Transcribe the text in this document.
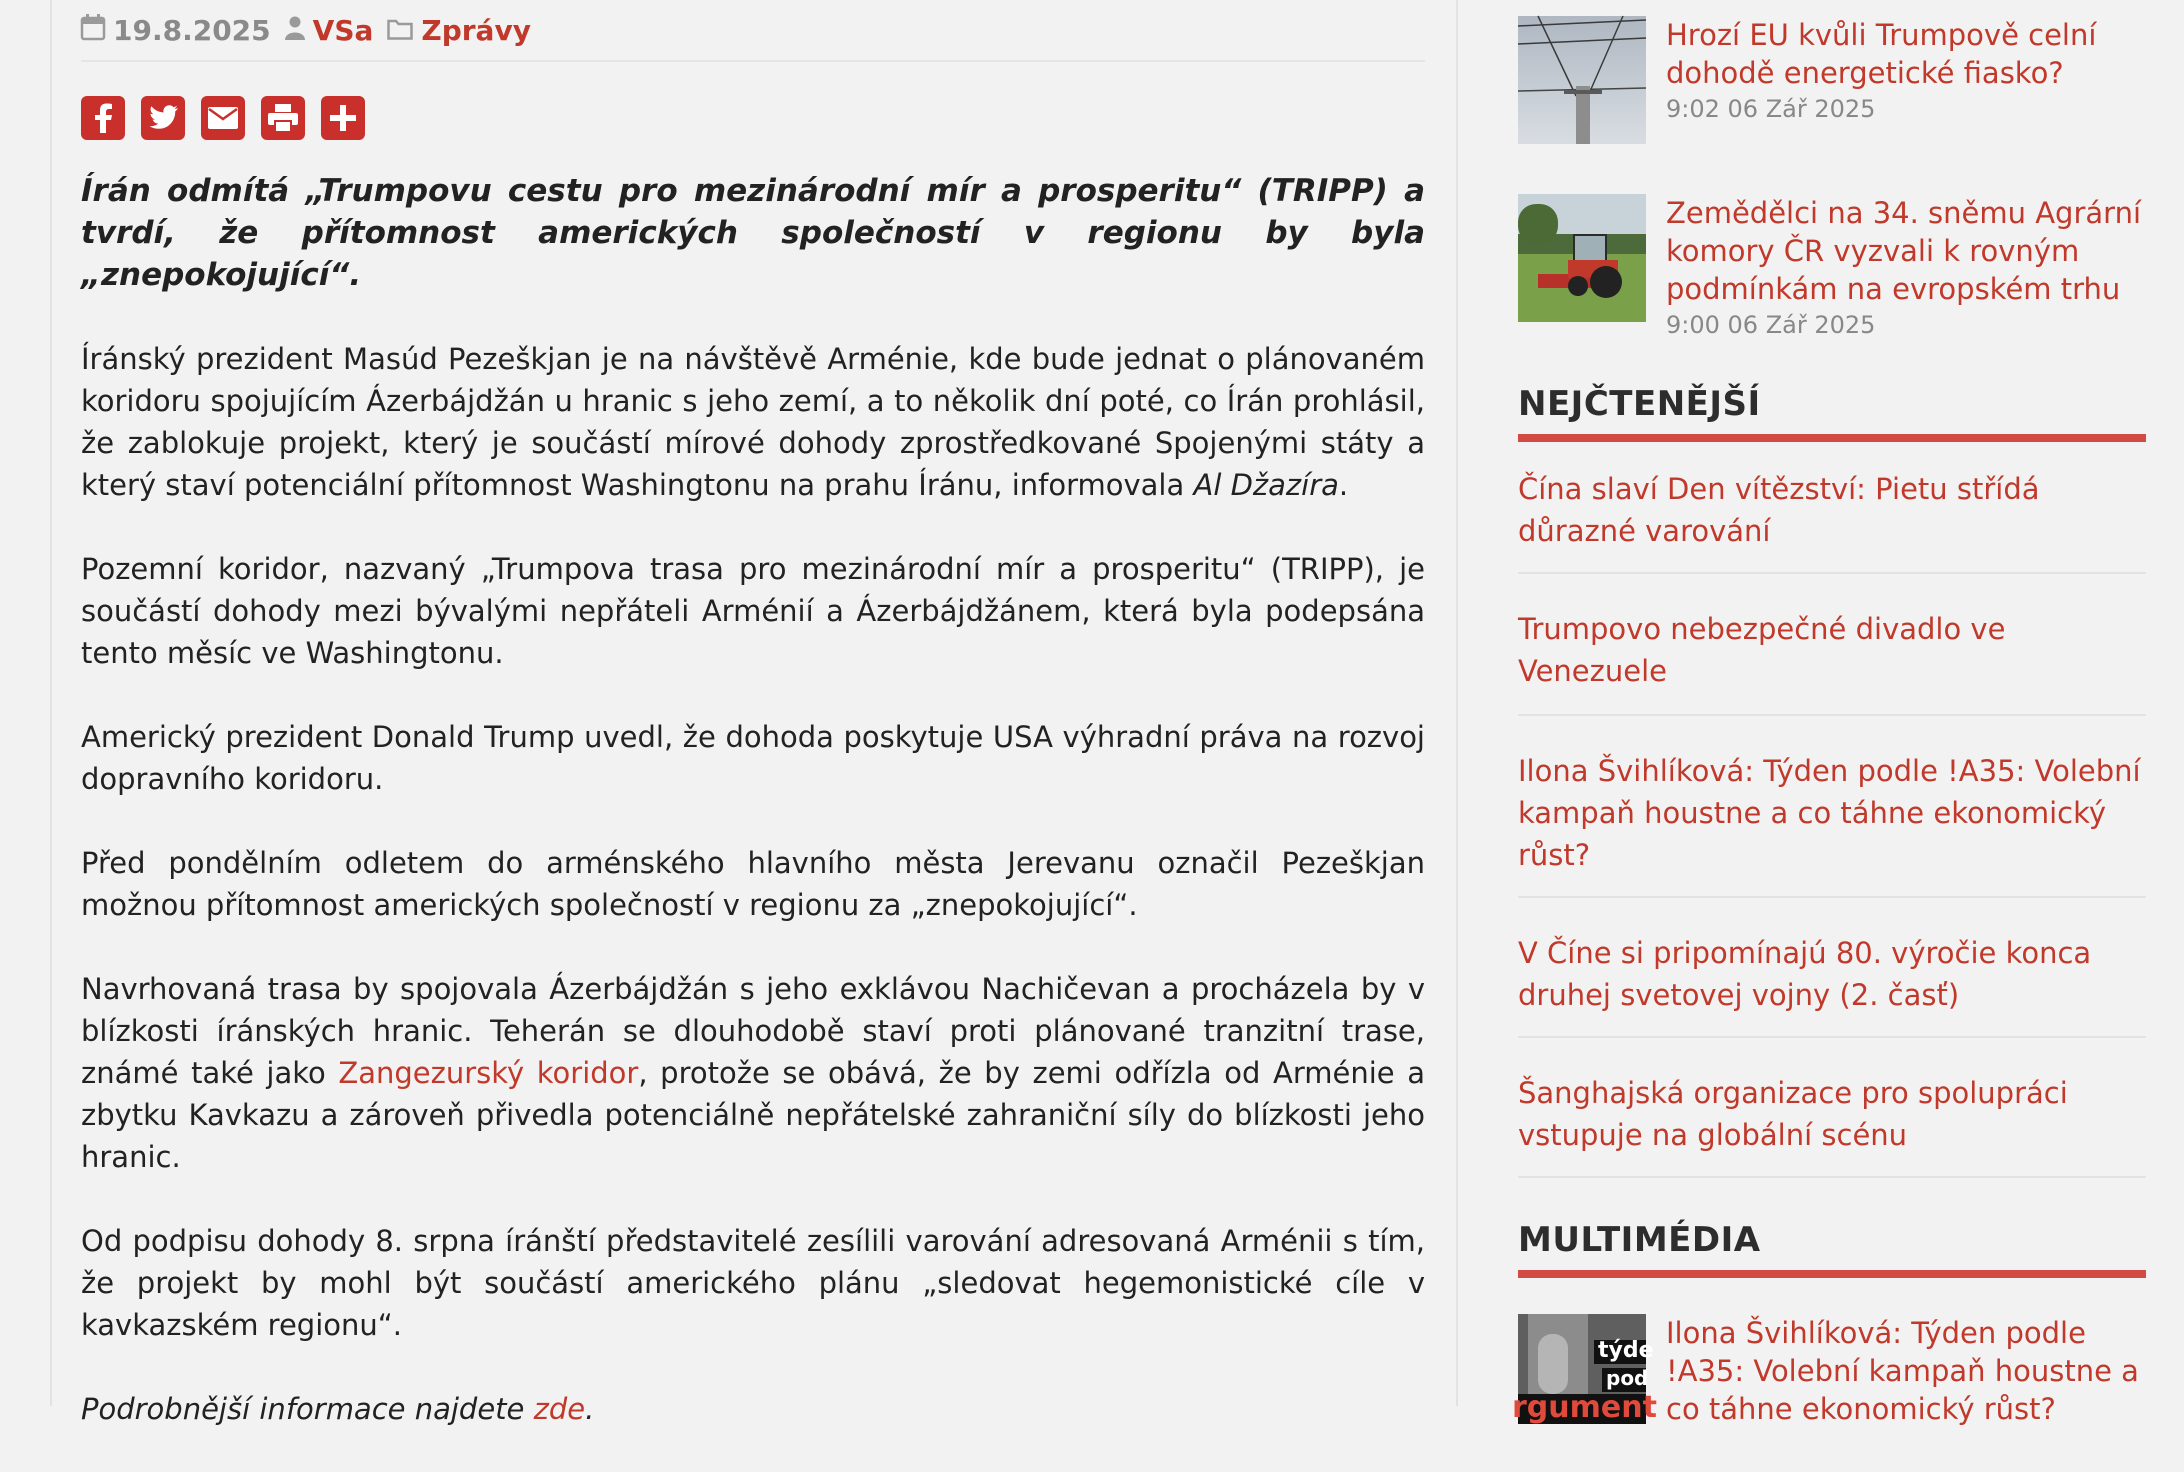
19.8.2025 VSa Zprávy

Írán odmítá „Trumpovu cestu pro mezinárodní mír a prosperitu“ (TRIPP) a tvrdí, že přítomnost amerických společností v regionu by byla „znepokojující“.

Íránský prezident Masúd Pezeškjan je na návštěvě Arménie, kde bude jednat o plánovaném koridoru spojujícím Ázerbájdžán u hranic s jeho zemí, a to několik dní poté, co Írán prohlásil, že zablokuje projekt, který je součástí mírové dohody zprostředkované Spojenými státy a který staví potenciální přítomnost Washingtonu na prahu Íránu, informovala Al Džazíra.

Pozemní koridor, nazvaný „Trumpova trasa pro mezinárodní mír a prosperitu“ (TRIPP), je součástí dohody mezi bývalými nepřáteli Arménií a Ázerbájdžánem, která byla podepsána tento měsíc ve Washingtonu.

Americký prezident Donald Trump uvedl, že dohoda poskytuje USA výhradní práva na rozvoj dopravního koridoru.

Před pondělním odletem do arménského hlavního města Jerevanu označil Pezeškjan možnou přítomnost amerických společností v regionu za „znepokojující“.

Navrhovaná trasa by spojovala Ázerbájdžán s jeho exklávou Nachičevan a procházela by v blízkosti íránských hranic. Teherán se dlouhodobě staví proti plánované tranzitní trase, známé také jako Zangezurský koridor, protože se obává, že by zemi odřízla od Arménie a zbytku Kavkazu a zároveň přivedla potenciálně nepřátelské zahraniční síly do blízkosti jeho hranic.

Od podpisu dohody 8. srpna íránští představitelé zesílili varování adresovaná Arménii s tím, že projekt by mohl být součástí amerického plánu „sledovat hegemonistické cíle v kavkazském regionu“.

Podrobnější informace najdete zde.

Hrozí EU kvůli Trumpově celní dohodě energetické fiasko?
9:02 06 Zář 2025
Zemědělci na 34. sněmu Agrární komory ČR vyzvali k rovným podmínkám na evropském trhu
9:00 06 Zář 2025
NEJČTENĚJŠÍ
Čína slaví Den vítězství: Pietu střídá důrazné varování
Trumpovo nebezpečné divadlo ve Venezuele
Ilona Švihlíková: Týden podle !A35: Volební kampaň houstne a co táhne ekonomický růst?
V Číne si pripomínajú 80. výročie konca druhej svetovej vojny (2. časť)
Šanghajská organizace pro spolupráci vstupuje na globální scénu
MULTIMÉDIA
týde
pod
rgument
Ilona Švihlíková: Týden podle !A35: Volební kampaň houstne a co táhne ekonomický růst?
